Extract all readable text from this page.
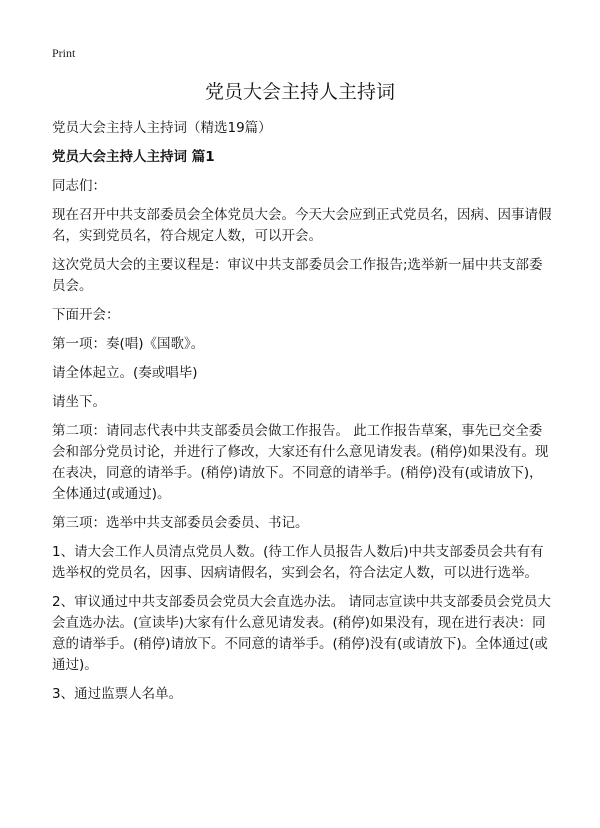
Print
党员大会主持人主持词

党员大会主持人主持词（精选19篇）

党员大会主持人主持词 篇1

同志们：

现在召开中共支部委员会全体党员大会。今天大会应到正式党员名，因病、因事请假名，实到党员名，符合规定人数，可以开会。

这次党员大会的主要议程是：审议中共支部委员会工作报告;选举新一届中共支部委员会。

下面开会：

第一项：奏(唱)《国歌》。

请全体起立。(奏或唱毕)

请坐下。

第二项：请同志代表中共支部委员会做工作报告。 此工作报告草案，事先已交全委会和部分党员讨论，并进行了修改，大家还有什么意见请发表。(稍停)如果没有。现在表决，同意的请举手。(稍停)请放下。不同意的请举手。(稍停)没有(或请放下)，全体通过(或通过)。

第三项：选举中共支部委员会委员、书记。

1、请大会工作人员清点党员人数。(待工作人员报告人数后)中共支部委员会共有有选举权的党员名，因事、因病请假名，实到会名，符合法定人数，可以进行选举。

2、审议通过中共支部委员会党员大会直选办法。 请同志宣读中共支部委员会党员大会直选办法。(宣读毕)大家有什么意见请发表。(稍停)如果没有，现在进行表决：同意的请举手。(稍停)请放下。不同意的请举手。(稍停)没有(或请放下)。全体通过(或通过)。

3、通过监票人名单。
